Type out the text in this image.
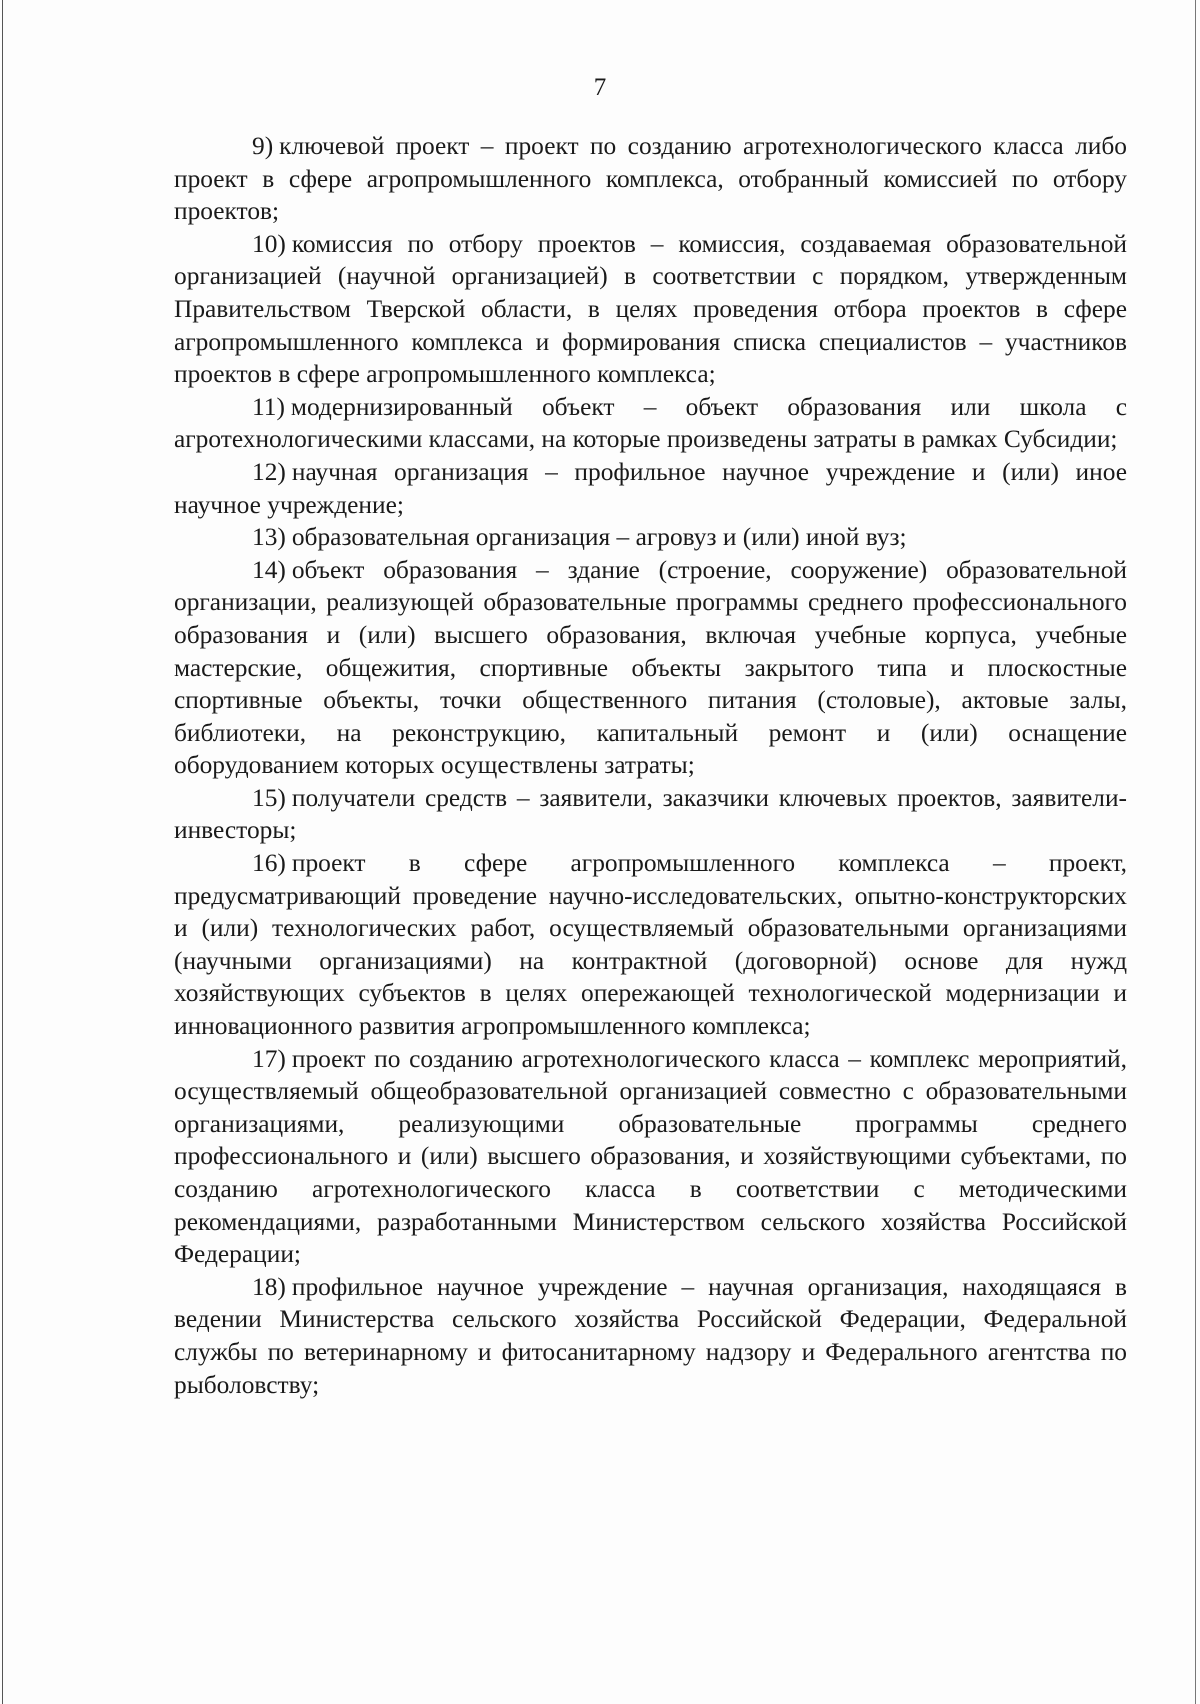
7

9) ключевой проект – проект по созданию агротехнологического класса либо проект в сфере агропромышленного комплекса, отобранный комиссией по отбору проектов;

10) комиссия по отбору проектов – комиссия, создаваемая образовательной организацией (научной организацией) в соответствии с порядком, утвержденным Правительством Тверской области, в целях проведения отбора проектов в сфере агропромышленного комплекса и формирования списка специалистов – участников проектов в сфере агропромышленного комплекса;

11) модернизированный объект – объект образования или школа с агротехнологическими классами, на которые произведены затраты в рамках Субсидии;

12) научная организация – профильное научное учреждение и (или) иное научное учреждение;

13) образовательная организация – агровуз и (или) иной вуз;

14) объект образования – здание (строение, сооружение) образовательной организации, реализующей образовательные программы среднего профессионального образования и (или) высшего образования, включая учебные корпуса, учебные мастерские, общежития, спортивные объекты закрытого типа и плоскостные спортивные объекты, точки общественного питания (столовые), актовые залы, библиотеки, на реконструкцию, капитальный ремонт и (или) оснащение оборудованием которых осуществлены затраты;

15) получатели средств – заявители, заказчики ключевых проектов, заявители-инвесторы;

16) проект в сфере агропромышленного комплекса – проект, предусматривающий проведение научно-исследовательских, опытно-конструкторских и (или) технологических работ, осуществляемый образовательными организациями (научными организациями) на контрактной (договорной) основе для нужд хозяйствующих субъектов в целях опережающей технологической модернизации и инновационного развития агропромышленного комплекса;

17) проект по созданию агротехнологического класса – комплекс мероприятий, осуществляемый общеобразовательной организацией совместно с образовательными организациями, реализующими образовательные программы среднего профессионального и (или) высшего образования, и хозяйствующими субъектами, по созданию агротехнологического класса в соответствии с методическими рекомендациями, разработанными Министерством сельского хозяйства Российской Федерации;

18) профильное научное учреждение – научная организация, находящаяся в ведении Министерства сельского хозяйства Российской Федерации, Федеральной службы по ветеринарному и фитосанитарному надзору и Федерального агентства по рыболовству;
